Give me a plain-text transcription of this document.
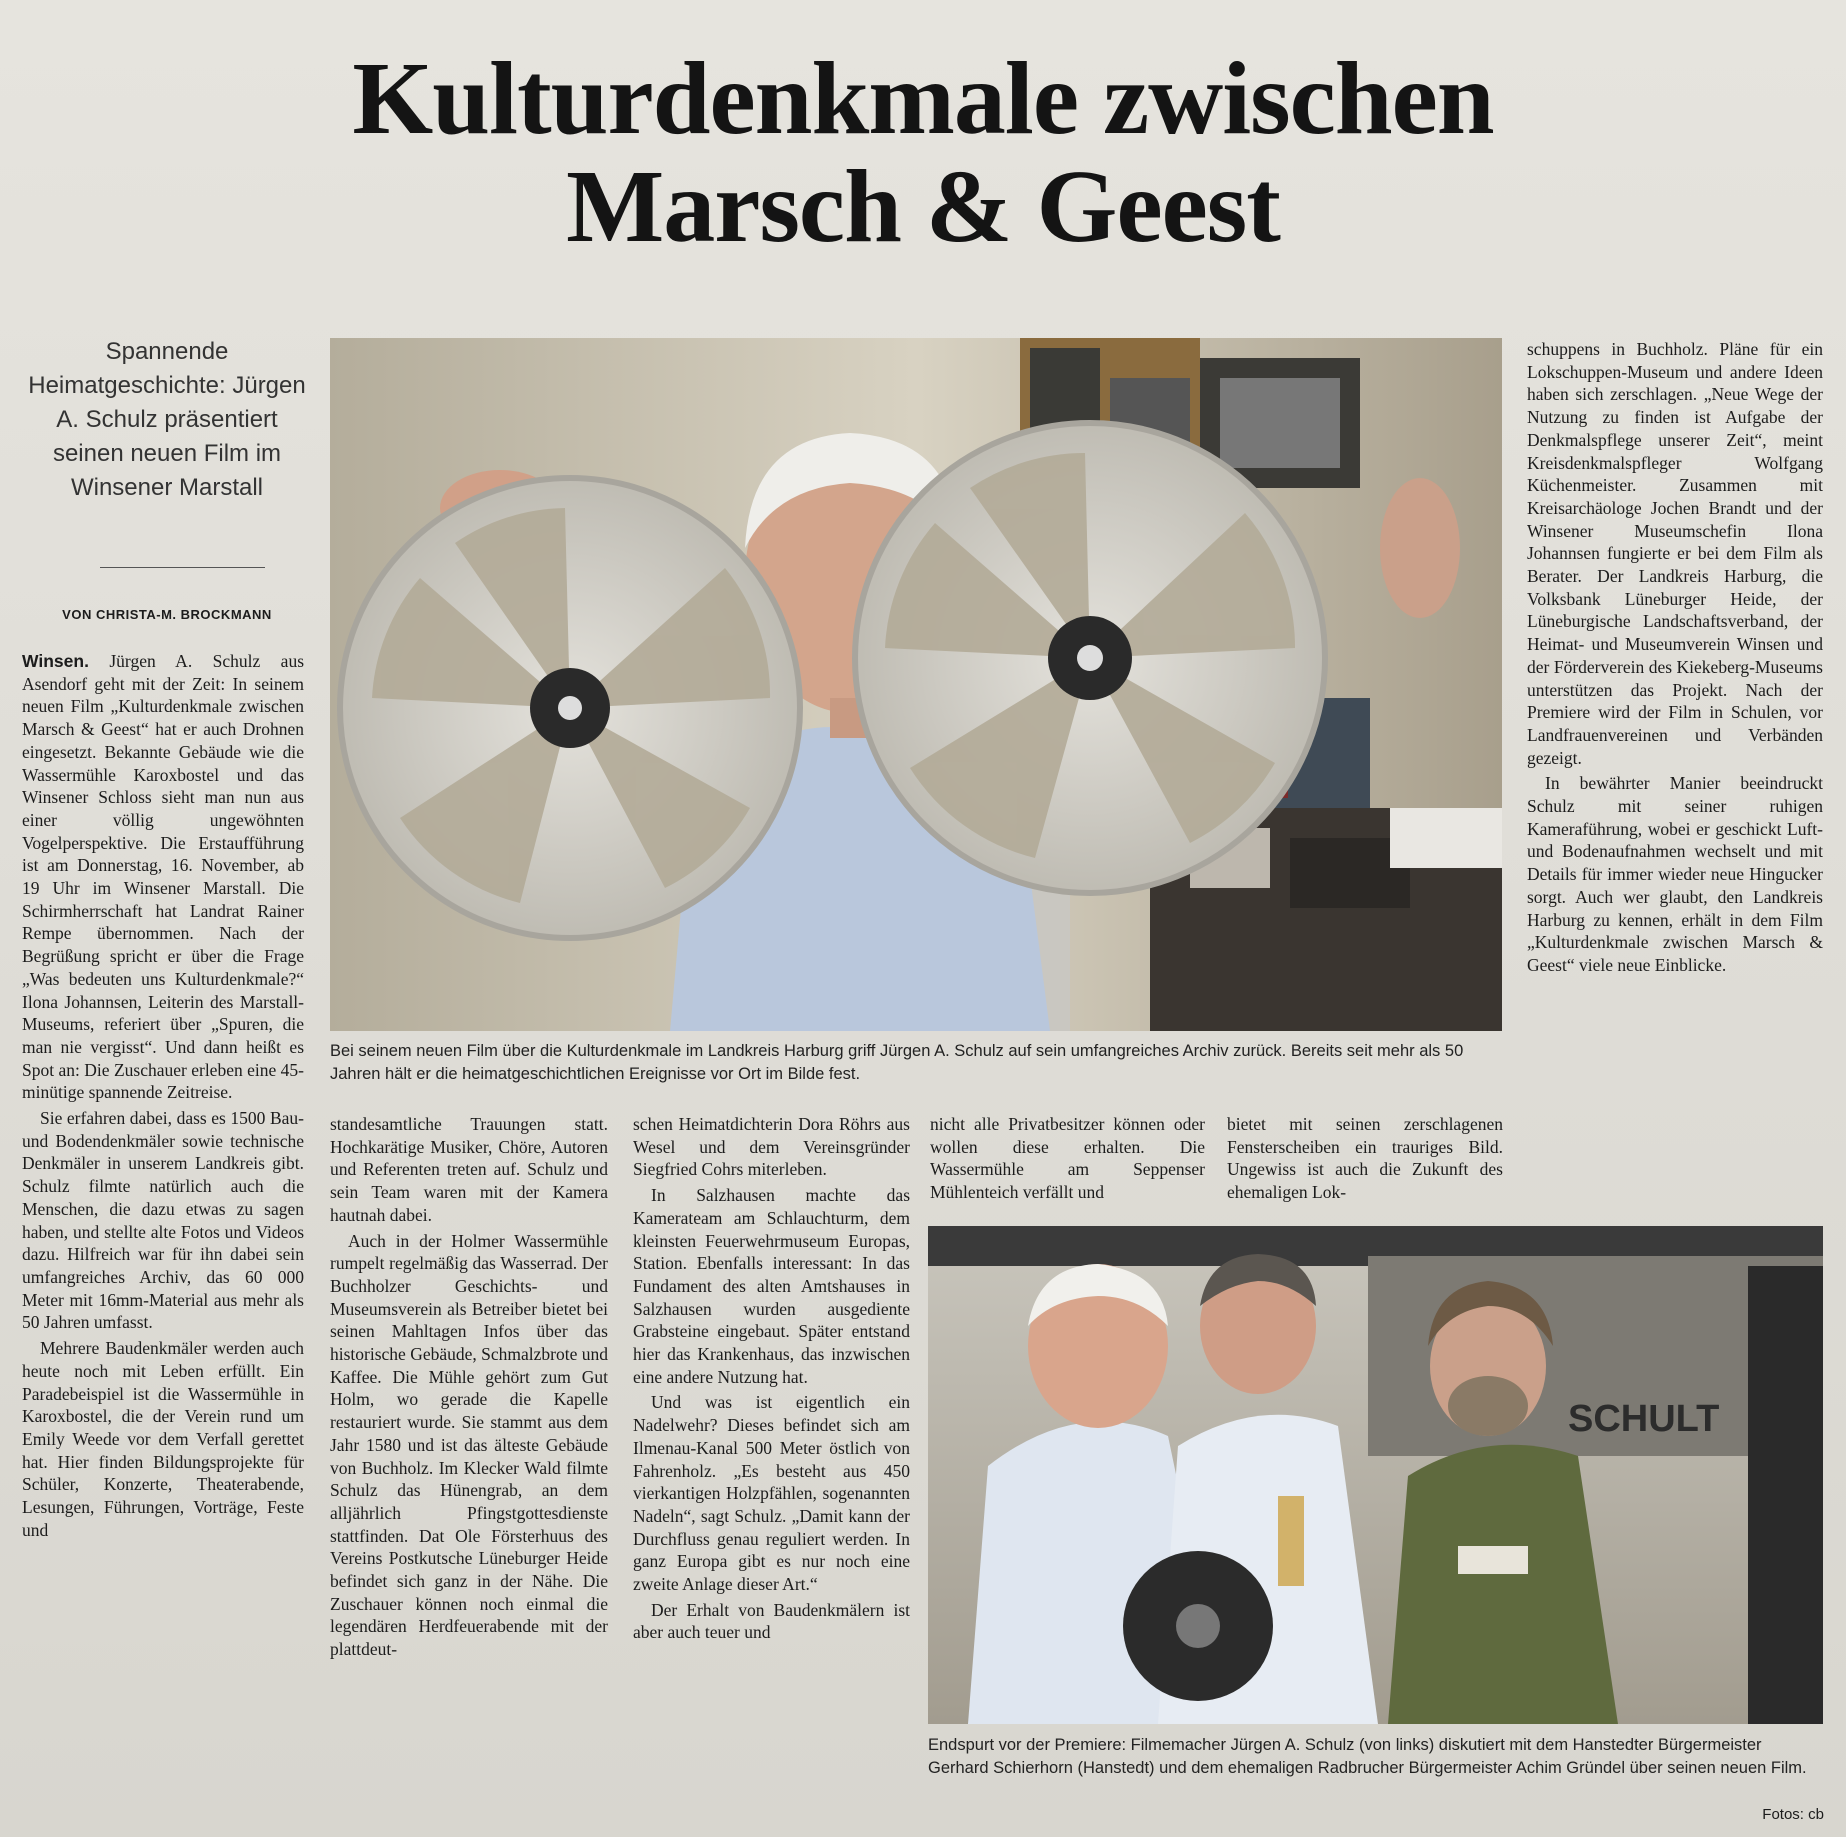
Kulturdenkmale zwischen
Marsch & Geest
Spannende Heimatgeschichte: Jürgen A. Schulz präsentiert seinen neuen Film im Winsener Marstall
VON CHRISTA-M. BROCKMANN

Winsen. Jürgen A. Schulz aus Asendorf geht mit der Zeit: In seinem neuen Film „Kulturdenkmale zwischen Marsch & Geest“ hat er auch Drohnen eingesetzt. Bekannte Gebäude wie die Wassermühle Karoxbostel und das Winsener Schloss sieht man nun aus einer völlig ungewöhnten Vogelperspektive. Die Erstaufführung ist am Donnerstag, 16. November, ab 19 Uhr im Winsener Marstall. Die Schirmherrschaft hat Landrat Rainer Rempe übernommen. Nach der Begrüßung spricht er über die Frage „Was bedeuten uns Kulturdenkmale?“ Ilona Johannsen, Leiterin des Marstall-Museums, referiert über „Spuren, die man nie vergisst“. Und dann heißt es Spot an: Die Zuschauer erleben eine 45-minütige spannende Zeitreise.

Sie erfahren dabei, dass es 1500 Bau- und Bodendenkmäler sowie technische Denkmäler in unserem Landkreis gibt. Schulz filmte natürlich auch die Menschen, die dazu etwas zu sagen haben, und stellte alte Fotos und Videos dazu. Hilfreich war für ihn dabei sein umfangreiches Archiv, das 60 000 Meter mit 16mm-Material aus mehr als 50 Jahren umfasst.

Mehrere Baudenkmäler werden auch heute noch mit Leben erfüllt. Ein Paradebeispiel ist die Wassermühle in Karoxbostel, die der Verein rund um Emily Weede vor dem Verfall gerettet hat. Hier finden Bildungsprojekte für Schüler, Konzerte, Theaterabende, Lesungen, Führungen, Vorträge, Feste und

Bei seinem neuen Film über die Kulturdenkmale im Landkreis Harburg griff Jürgen A. Schulz auf sein umfangreiches Archiv zurück. Bereits seit mehr als 50 Jahren hält er die heimatgeschichtlichen Ereignisse vor Ort im Bilde fest.

standesamtliche Trauungen statt. Hochkarätige Musiker, Chöre, Autoren und Referenten treten auf. Schulz und sein Team waren mit der Kamera hautnah dabei.

Auch in der Holmer Wassermühle rumpelt regelmäßig das Wasserrad. Der Buchholzer Geschichts- und Museumsverein als Betreiber bietet bei seinen Mahltagen Infos über das historische Gebäude, Schmalzbrote und Kaffee. Die Mühle gehört zum Gut Holm, wo gerade die Kapelle restauriert wurde. Sie stammt aus dem Jahr 1580 und ist das älteste Gebäude von Buchholz. Im Klecker Wald filmte Schulz das Hünengrab, an dem alljährlich Pfingstgottesdienste stattfinden. Dat Ole Försterhuus des Vereins Postkutsche Lüneburger Heide befindet sich ganz in der Nähe. Die Zuschauer können noch einmal die legendären Herdfeuerabende mit der plattdeut-

schen Heimatdichterin Dora Röhrs aus Wesel und dem Vereinsgründer Siegfried Cohrs miterleben.

In Salzhausen machte das Kamerateam am Schlauchturm, dem kleinsten Feuerwehrmuseum Europas, Station. Ebenfalls interessant: In das Fundament des alten Amtshauses in Salzhausen wurden ausgediente Grabsteine eingebaut. Später entstand hier das Krankenhaus, das inzwischen eine andere Nutzung hat.

Und was ist eigentlich ein Nadelwehr? Dieses befindet sich am Ilmenau-Kanal 500 Meter östlich von Fahrenholz. „Es besteht aus 450 vierkantigen Holzpfählen, sogenannten Nadeln“, sagt Schulz. „Damit kann der Durchfluss genau reguliert werden. In ganz Europa gibt es nur noch eine zweite Anlage dieser Art.“

Der Erhalt von Baudenkmälern ist aber auch teuer und

nicht alle Privatbesitzer können oder wollen diese erhalten. Die Wassermühle am Seppenser Mühlenteich verfällt und

bietet mit seinen zerschlagenen Fensterscheiben ein trauriges Bild. Ungewiss ist auch die Zukunft des ehemaligen Lok-

schuppens in Buchholz. Pläne für ein Lokschuppen-Museum und andere Ideen haben sich zerschlagen. „Neue Wege der Nutzung zu finden ist Aufgabe der Denkmalspflege unserer Zeit“, meint Kreisdenkmalspfleger Wolfgang Küchenmeister. Zusammen mit Kreisarchäologe Jochen Brandt und der Winsener Museumschefin Ilona Johannsen fungierte er bei dem Film als Berater. Der Landkreis Harburg, die Volksbank Lüneburger Heide, der Lüneburgische Landschaftsverband, der Heimat- und Museumverein Winsen und der Förderverein des Kiekeberg-Museums unterstützen das Projekt. Nach der Premiere wird der Film in Schulen, vor Landfrauenvereinen und Verbänden gezeigt.

In bewährter Manier beeindruckt Schulz mit seiner ruhigen Kameraführung, wobei er geschickt Luft- und Bodenaufnahmen wechselt und mit Details für immer wieder neue Hingucker sorgt. Auch wer glaubt, den Landkreis Harburg zu kennen, erhält in dem Film „Kulturdenkmale zwischen Marsch & Geest“ viele neue Einblicke.

SCHULT
Endspurt vor der Premiere: Filmemacher Jürgen A. Schulz (von links) diskutiert mit dem Hanstedter Bürgermeister Gerhard Schierhorn (Hanstedt) und dem ehemaligen Radbrucher Bürgermeister Achim Gründel über seinen neuen Film.
Fotos: cb
